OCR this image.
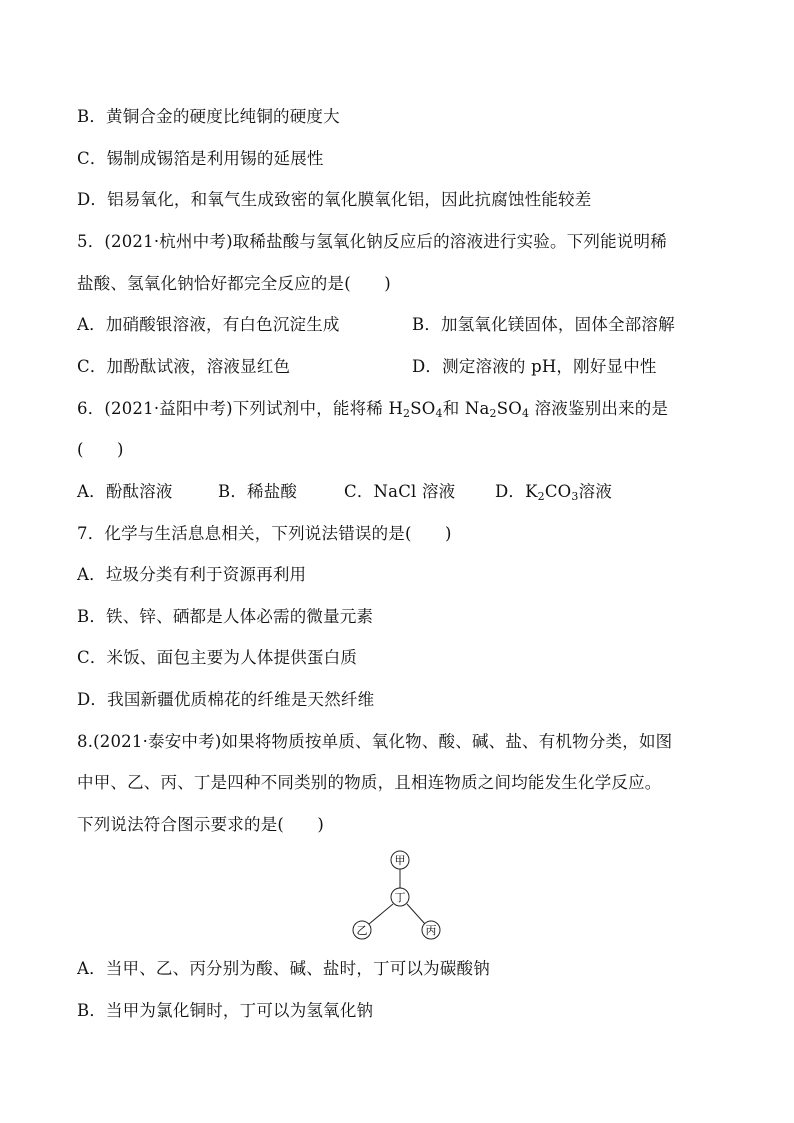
B．黄铜合金的硬度比纯铜的硬度大
C．锡制成锡箔是利用锡的延展性
D．铝易氧化，和氧气生成致密的氧化膜氧化铝，因此抗腐蚀性能较差
5．(2021·杭州中考)取稀盐酸与氢氧化钠反应后的溶液进行实验。下列能说明稀
盐酸、氢氧化钠恰好都完全反应的是(　　)
A．加硝酸银溶液，有白色沉淀生成	B．加氢氧化镁固体，固体全部溶解
C．加酚酞试液，溶液显红色	D．测定溶液的 pH，刚好显中性
6．(2021·益阳中考)下列试剂中，能将稀 $H_2SO_4$和 $Na_2SO_4$ 溶液鉴别出来的是
(　　)
A．酚酞溶液	B．稀盐酸	C．NaCl 溶液 D．$K_2CO_3$溶液
7．化学与生活息息相关，下列说法错误的是(　　)
A．垃圾分类有利于资源再利用
B．铁、锌、硒都是人体必需的微量元素
C．米饭、面包主要为人体提供蛋白质
D．我国新疆优质棉花的纤维是天然纤维
8.(2021·泰安中考)如果将物质按单质、氧化物、酸、碱、盐、有机物分类，如图
中甲、乙、丙、丁是四种不同类别的物质，且相连物质之间均能发生化学反应。
下列说法符合图示要求的是(　　)
甲
丁
乙	丙
A．当甲、乙、丙分别为酸、碱、盐时，丁可以为碳酸钠
B．当甲为氯化铜时，丁可以为氢氧化钠
